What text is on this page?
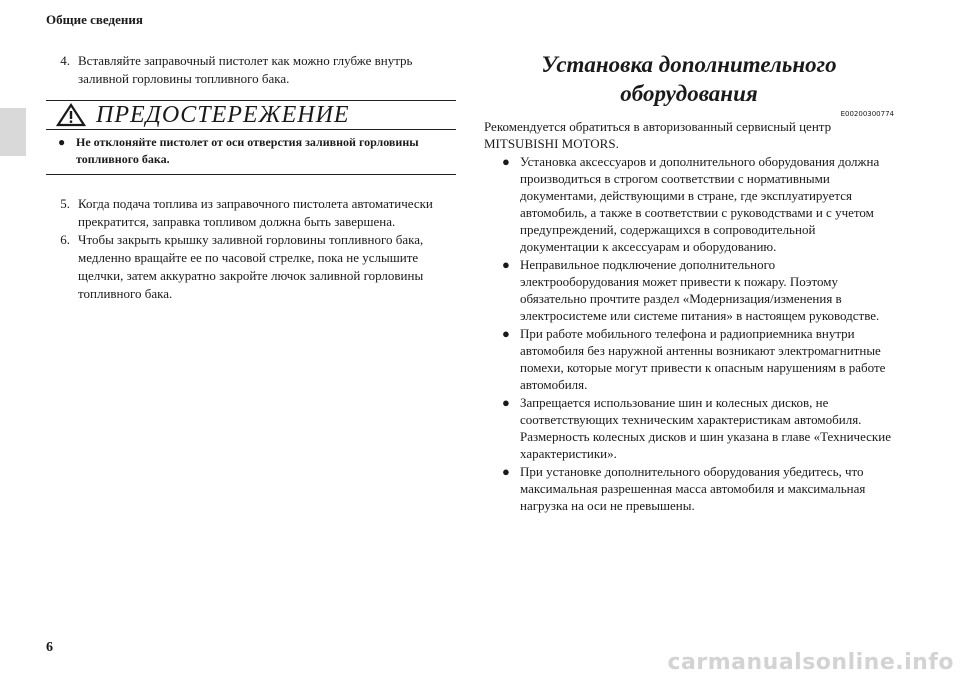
Общие сведения
4. Вставляйте заправочный пистолет как можно глубже внутрь заливной горловины топливного бака.
ПРЕДОСТЕРЕЖЕНИЕ
● Не отклоняйте пистолет от оси отверстия заливной горловины топливного бака.
5. Когда подача топлива из заправочного пистолета автоматически прекратится, заправка топливом должна быть завершена.
6. Чтобы закрыть крышку заливной горловины топливного бака, медленно вращайте ее по часовой стрелке, пока не услышите щелчки, затем аккуратно закройте лючок заливной горловины топливного бака.
Установка дополнительного
оборудования
E00200300774
Рекомендуется обратиться в авторизованный сервисный центр MITSUBISHI MOTORS.
● Установка аксессуаров и дополнительного оборудования должна производиться в строгом соответствии с нормативными документами, действующими в стране, где эксплуатируется автомобиль, а также в соответствии с руководствами и с учетом предупреждений, содержащихся в сопроводительной документации к аксессуарам и оборудованию.
● Неправильное подключение дополнительного электрооборудования может привести к пожару. Поэтому обязательно прочтите раздел «Модернизация/изменения в электросистеме или системе питания» в настоящем руководстве.
● При работе мобильного телефона и радиоприемника внутри автомобиля без наружной антенны возникают электромагнитные помехи, которые могут привести к опасным нарушениям в работе автомобиля.
● Запрещается использование шин и колесных дисков, не соответствующих техническим характеристикам автомобиля. Размерность колесных дисков и шин указана в главе «Технические характеристики».
● При установке дополнительного оборудования убедитесь, что максимальная разрешенная масса автомобиля и максимальная нагрузка на оси не превышены.
6
carmanualsonline.info
